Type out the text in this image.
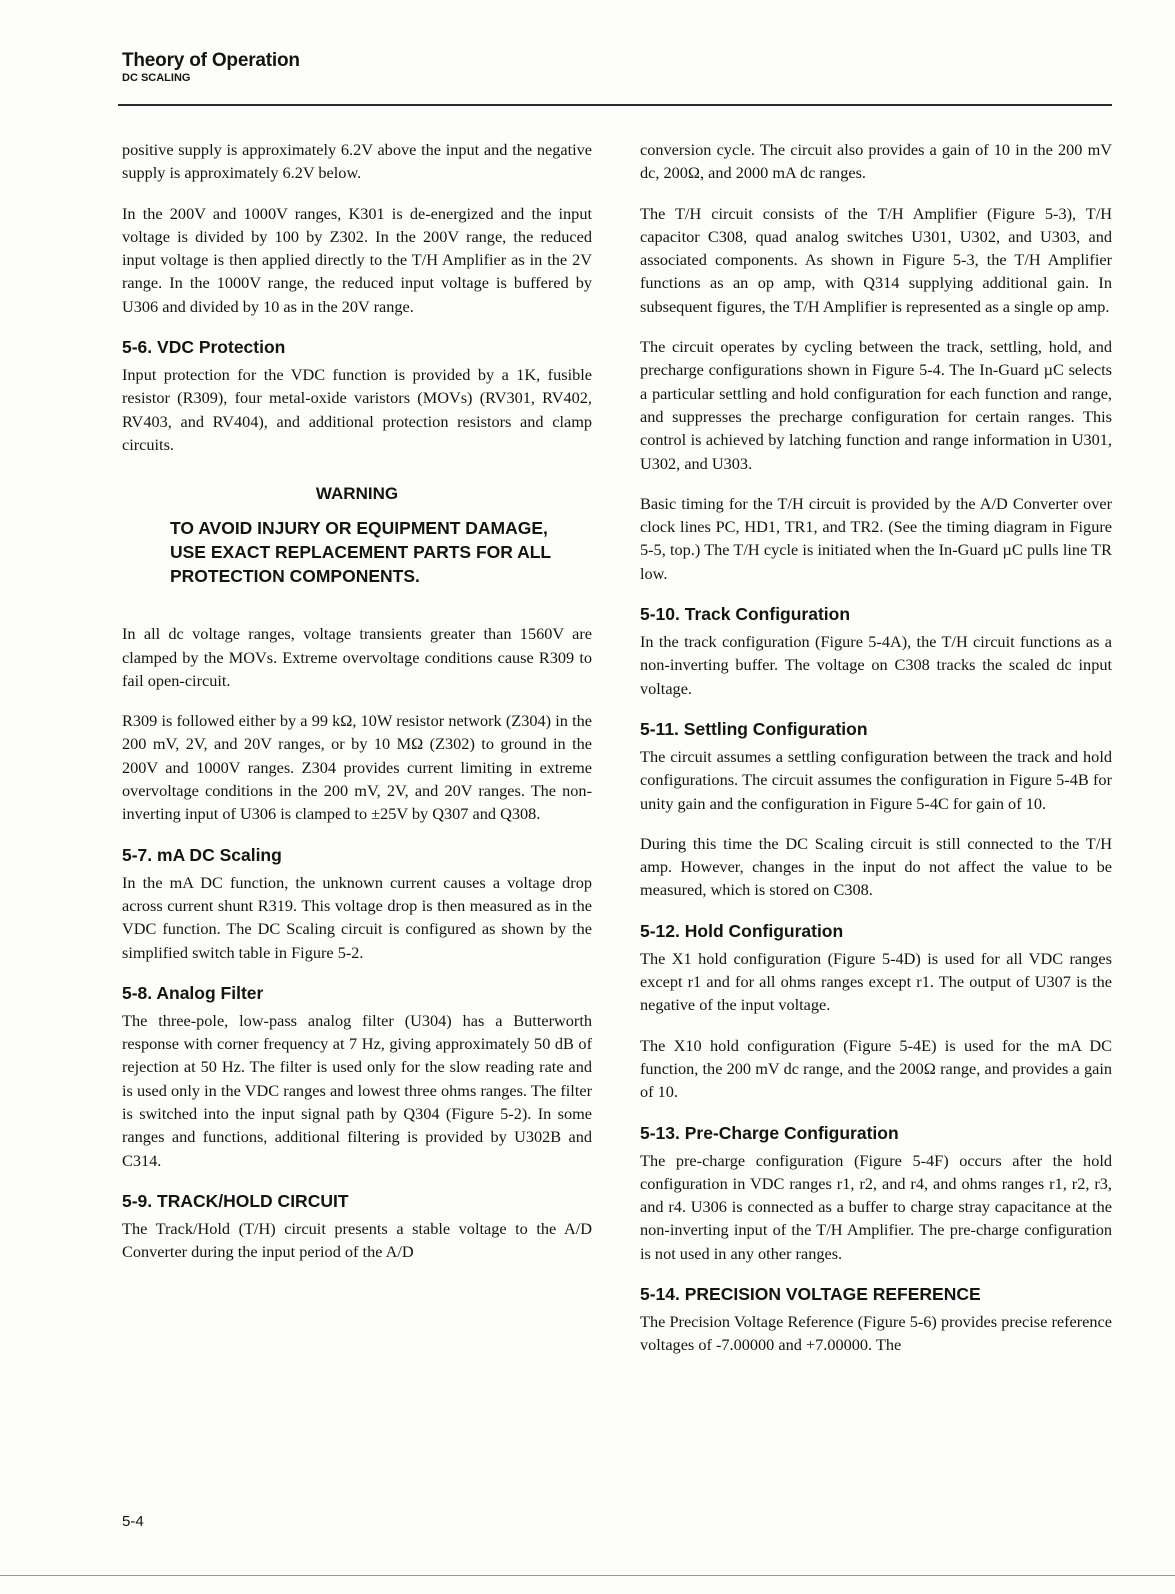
Theory of Operation
DC SCALING

positive supply is approximately 6.2V above the input and the negative supply is approximately 6.2V below.

In the 200V and 1000V ranges, K301 is de-energized and the input voltage is divided by 100 by Z302. In the 200V range, the reduced input voltage is then applied directly to the T/H Amplifier as in the 2V range. In the 1000V range, the reduced input voltage is buffered by U306 and divided by 10 as in the 20V range.

5-6. VDC Protection

Input protection for the VDC function is provided by a 1K, fusible resistor (R309), four metal-oxide varistors (MOVs) (RV301, RV402, RV403, and RV404), and additional protection resistors and clamp circuits.

WARNING
TO AVOID INJURY OR EQUIPMENT DAMAGE, USE EXACT REPLACEMENT PARTS FOR ALL PROTECTION COMPONENTS.

In all dc voltage ranges, voltage transients greater than 1560V are clamped by the MOVs. Extreme overvoltage conditions cause R309 to fail open-circuit.

R309 is followed either by a 99 kΩ, 10W resistor network (Z304) in the 200 mV, 2V, and 20V ranges, or by 10 MΩ (Z302) to ground in the 200V and 1000V ranges. Z304 provides current limiting in extreme overvoltage conditions in the 200 mV, 2V, and 20V ranges. The non-inverting input of U306 is clamped to ±25V by Q307 and Q308.

5-7. mA DC Scaling

In the mA DC function, the unknown current causes a voltage drop across current shunt R319. This voltage drop is then measured as in the VDC function. The DC Scaling circuit is configured as shown by the simplified switch table in Figure 5-2.

5-8. Analog Filter

The three-pole, low-pass analog filter (U304) has a Butterworth response with corner frequency at 7 Hz, giving approximately 50 dB of rejection at 50 Hz. The filter is used only for the slow reading rate and is used only in the VDC ranges and lowest three ohms ranges. The filter is switched into the input signal path by Q304 (Figure 5-2). In some ranges and functions, additional filtering is provided by U302B and C314.

5-9. TRACK/HOLD CIRCUIT

The Track/Hold (T/H) circuit presents a stable voltage to the A/D Converter during the input period of the A/D

conversion cycle. The circuit also provides a gain of 10 in the 200 mV dc, 200Ω, and 2000 mA dc ranges.

The T/H circuit consists of the T/H Amplifier (Figure 5-3), T/H capacitor C308, quad analog switches U301, U302, and U303, and associated components. As shown in Figure 5-3, the T/H Amplifier functions as an op amp, with Q314 supplying additional gain. In subsequent figures, the T/H Amplifier is represented as a single op amp.

The circuit operates by cycling between the track, settling, hold, and precharge configurations shown in Figure 5-4. The In-Guard µC selects a particular settling and hold configuration for each function and range, and suppresses the precharge configuration for certain ranges. This control is achieved by latching function and range information in U301, U302, and U303.

Basic timing for the T/H circuit is provided by the A/D Converter over clock lines PC, HD1, TR1, and TR2. (See the timing diagram in Figure 5-5, top.) The T/H cycle is initiated when the In-Guard µC pulls line TR low.

5-10. Track Configuration

In the track configuration (Figure 5-4A), the T/H circuit functions as a non-inverting buffer. The voltage on C308 tracks the scaled dc input voltage.

5-11. Settling Configuration

The circuit assumes a settling configuration between the track and hold configurations. The circuit assumes the configuration in Figure 5-4B for unity gain and the configuration in Figure 5-4C for gain of 10.

During this time the DC Scaling circuit is still connected to the T/H amp. However, changes in the input do not affect the value to be measured, which is stored on C308.

5-12. Hold Configuration

The X1 hold configuration (Figure 5-4D) is used for all VDC ranges except r1 and for all ohms ranges except r1. The output of U307 is the negative of the input voltage.

The X10 hold configuration (Figure 5-4E) is used for the mA DC function, the 200 mV dc range, and the 200Ω range, and provides a gain of 10.

5-13. Pre-Charge Configuration

The pre-charge configuration (Figure 5-4F) occurs after the hold configuration in VDC ranges r1, r2, and r4, and ohms ranges r1, r2, r3, and r4. U306 is connected as a buffer to charge stray capacitance at the non-inverting input of the T/H Amplifier. The pre-charge configuration is not used in any other ranges.

5-14. PRECISION VOLTAGE REFERENCE

The Precision Voltage Reference (Figure 5-6) provides precise reference voltages of -7.00000 and +7.00000. The

5-4
